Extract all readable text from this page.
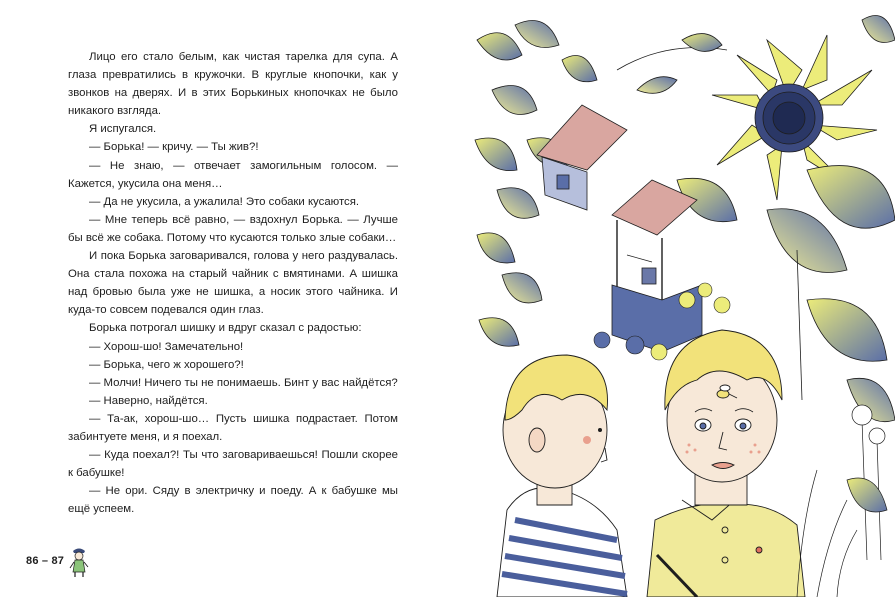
Лицо его стало белым, как чистая тарелка для супа. А глаза превратились в кружочки. В круглые кнопочки, как у звонков на дверях. И в этих Борькиных кнопочках не было никакого взгляда.

Я испугался.

— Борька! — кричу. — Ты жив?!

— Не знаю, — отвечает замогильным голосом. — Кажется, укусила она меня…

— Да не укусила, а ужалила! Это собаки кусаются.

— Мне теперь всё равно, — вздохнул Борька. — Лучше бы всё же собака. Потому что кусаются только злые собаки…

И пока Борька заговаривался, голова у него раздувалась. Она стала похожа на старый чайник с вмятинами. А шишка над бровью была уже не шишка, а носик этого чайника. И куда-то совсем подевался один глаз.

Борька потрогал шишку и вдруг сказал с радостью:

— Хорош-шо! Замечательно!

— Борька, чего ж хорошего?!

— Молчи! Ничего ты не понимаешь. Бинт у вас найдётся?

— Наверно, найдётся.

— Та-ак, хорош-шо… Пусть шишка подрастает. Потом забинтуете меня, и я поехал.

— Куда поехал?! Ты что заговариваешься! Пошли скорее к бабушке!

— Не ори. Сяду в электричку и поеду. А к бабушке мы ещё успеем.

86 – 87
